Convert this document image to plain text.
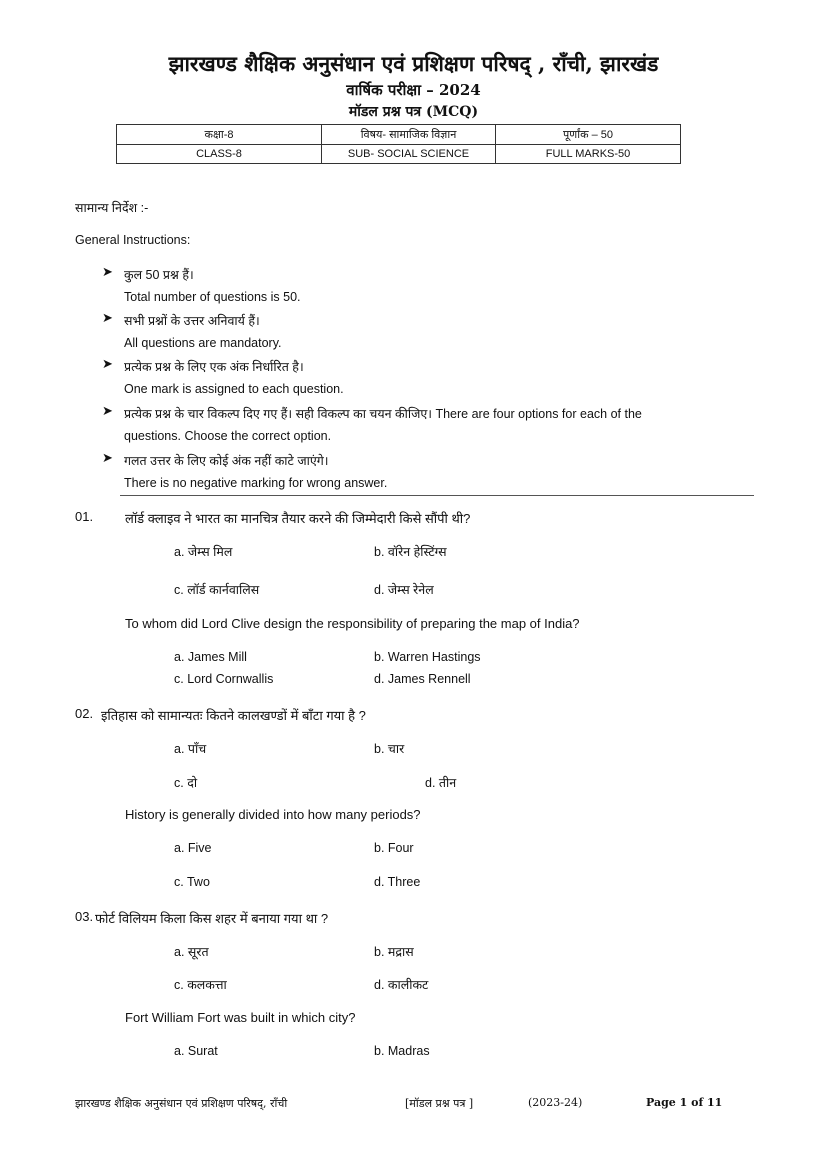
झारखण्ड शैक्षिक अनुसंधान एवं प्रशिक्षण परिषद् , राँची, झारखंड
वार्षिक परीक्षा – 2024
मॉडल प्रश्न पत्र (MCQ)
कक्षा-8	विषय- सामाजिक विज्ञान	पूर्णांक – 50
CLASS-8	SUB- SOCIAL SCIENCE	FULL MARKS-50
सामान्य निर्देश :-
General Instructions:
➤ कुल 50 प्रश्न हैं।
Total number of questions is 50.
➤ सभी प्रश्नों के उत्तर अनिवार्य हैं।
All questions are mandatory.
➤ प्रत्येक प्रश्न के लिए एक अंक निर्धारित है।
One mark is assigned to each question.
➤ प्रत्येक प्रश्न के चार विकल्प दिए गए हैं। सही विकल्प का चयन कीजिए। There are four options for each of the
questions. Choose the correct option.
➤ गलत उत्तर के लिए कोई अंक नहीं काटे जाएंगे।
There is no negative marking for wrong answer.
01. लॉर्ड क्लाइव ने भारत का मानचित्र तैयार करने की जिम्मेदारी किसे सौंपी थी?
a. जेम्स मिल	b. वॉरेन हेस्टिंग्स
c. लॉर्ड कार्नवालिस	d. जेम्स रेनेल
To whom did Lord Clive design the responsibility of preparing the map of India?
a. James Mill	b. Warren Hastings
c. Lord Cornwallis	d. James Rennell
02. इतिहास को सामान्यतः कितने कालखण्डों में बाँटा गया है ?
a. पाँच	b. चार
c. दो	d. तीन
History is generally divided into how many periods?
a. Five	b. Four
c. Two	d. Three
03. फोर्ट विलियम किला किस शहर में बनाया गया था ?
a. सूरत	b. मद्रास
c. कलकत्ता	d. कालीकट
Fort William Fort was built in which city?
a. Surat	b. Madras
झारखण्ड शैक्षिक अनुसंधान एवं प्रशिक्षण परिषद्, राँची	[मॉडल प्रश्न पत्र ]	(2023-24)	Page 1 of 11
